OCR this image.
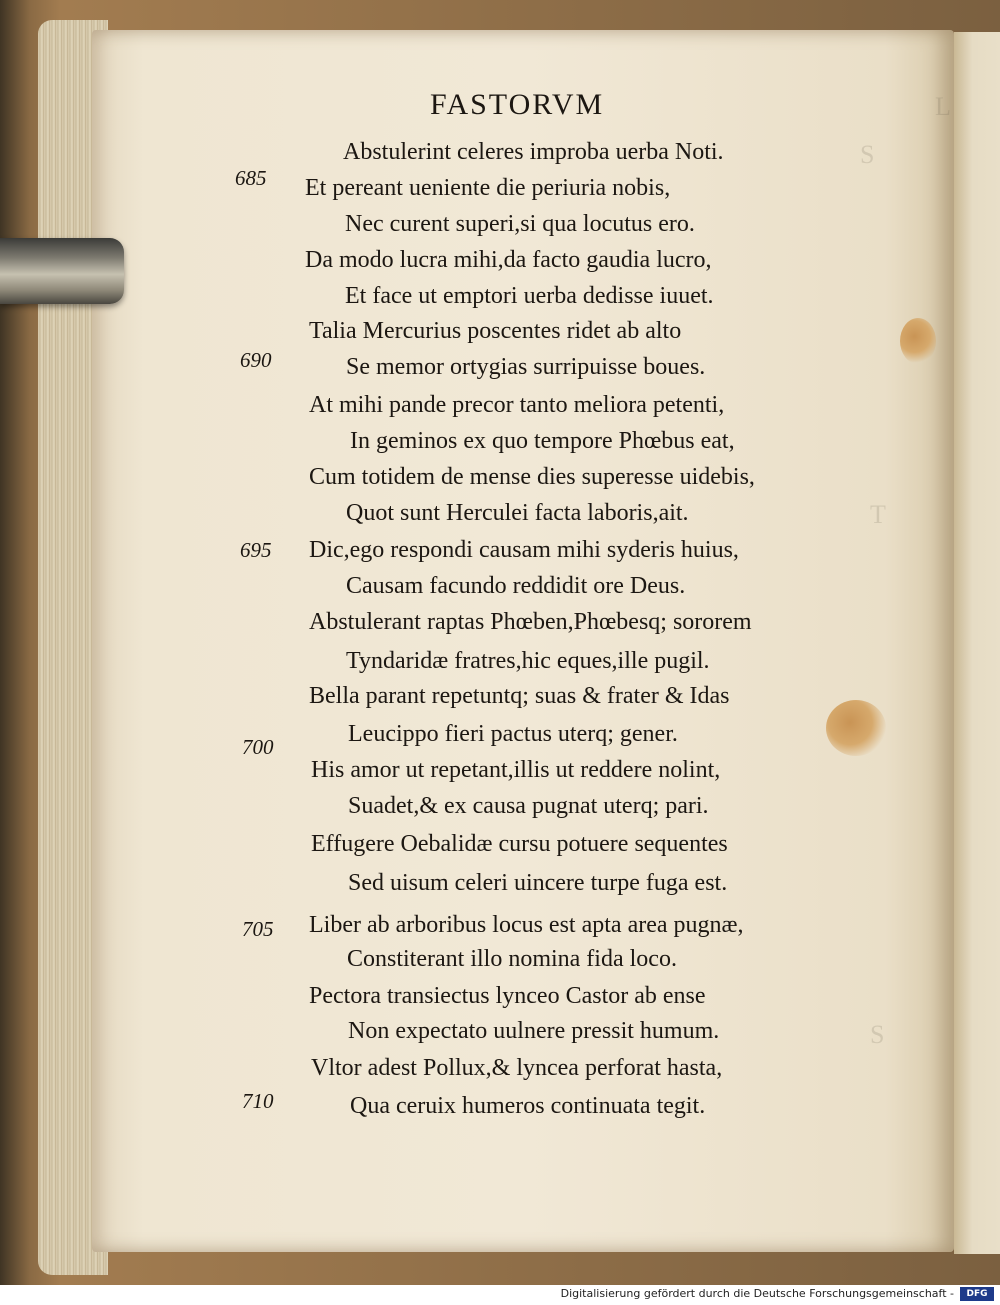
L
S
T
S
FASTORVM
Abstulerint celeres improba uerba Noti.
Et pereant ueniente die periuria nobis,
Nec curent superi,si qua locutus ero.
Da modo lucra mihi,da facto gaudia lucro,
Et face ut emptori uerba dedisse iuuet.
Talia Mercurius poscentes ridet ab alto
Se memor ortygias surripuisse boues.
At mihi pande precor tanto meliora petenti,
In geminos ex quo tempore Phœbus eat,
Cum totidem de mense dies superesse uidebis,
Quot sunt Herculei facta laboris,ait.
Dic,ego respondi causam mihi syderis huius,
Causam facundo reddidit ore Deus.
Abstulerant raptas Phœben,Phœbesq; sororem
Tyndaridæ fratres,hic eques,ille pugil.
Bella parant repetuntq; suas & frater & Idas
Leucippo fieri pactus uterq; gener.
His amor ut repetant,illis ut reddere nolint,
Suadet,& ex causa pugnat uterq; pari.
Effugere Oebalidæ cursu potuere sequentes
Sed uisum celeri uincere turpe fuga est.
Liber ab arboribus locus est apta area pugnæ,
Constiterant illo nomina fida loco.
Pectora transiectus lynceo Castor ab ense
Non expectato uulnere pressit humum.
Vltor adest Pollux,& lyncea perforat hasta,
Qua ceruix humeros continuata tegit.
685
690
695
700
705
710
Digitalisierung gefördert durch die Deutsche Forschungsgemeinschaft -	DFG
